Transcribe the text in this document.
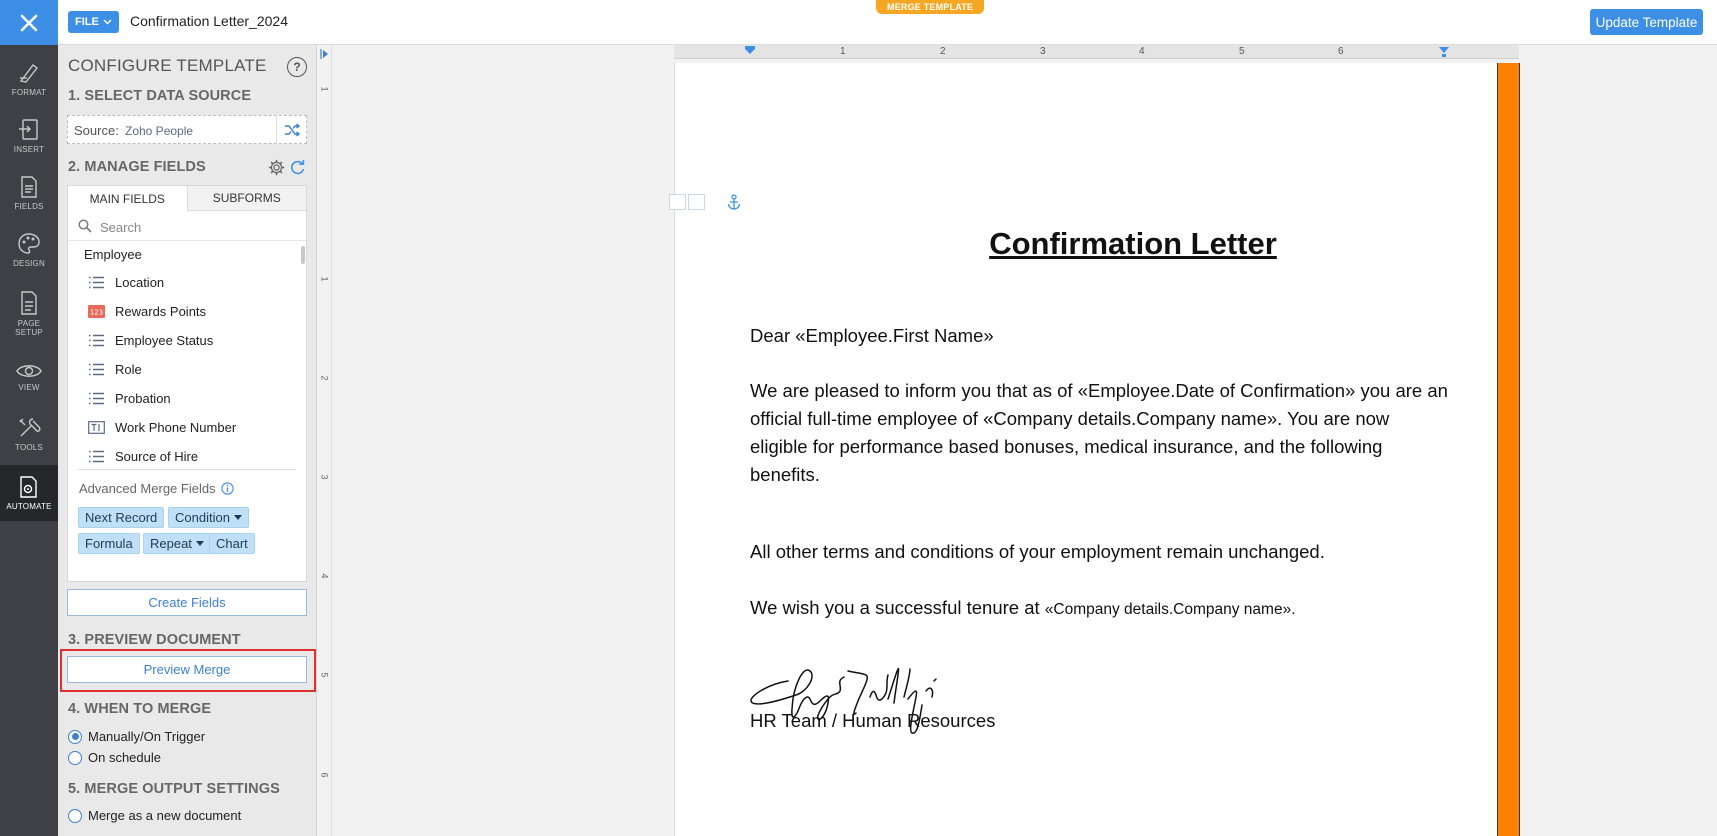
FILE Confirmation Letter_2024
MERGE TEMPLATE
Update Template
FORMAT
INSERT
FIELDS
DESIGN
PAGE SETUP
VIEW
TOOLS
AUTOMATE
CONFIGURE TEMPLATE	?
1. SELECT DATA SOURCE
Source: Zoho People
2. MANAGE FIELDS
MAIN FIELDS	SUBFORMS
Search
Employee
Location
123 Rewards Points
Employee Status
Role
Probation
Work Phone Number
Source of Hire
Advanced Merge Fields
Next Record Condition
Formula Repeat Chart
Create Fields
3. PREVIEW DOCUMENT
Preview Merge
4. WHEN TO MERGE
Manually/On Trigger
On schedule
5. MERGE OUTPUT SETTINGS
Merge as a new document
1
1
2
3
4
5
6
1	2	3	4	5	6
Confirmation Letter
Dear «Employee.First Name»
We are pleased to inform you that as of «Employee.Date of Confirmation» you are an official full-time employee of «Company details.Company name». You are now eligible for performance based bonuses, medical insurance, and the following benefits.
All other terms and conditions of your employment remain unchanged.
We wish you a successful tenure at «Company details.Company name».
HR Team / Human Resources
